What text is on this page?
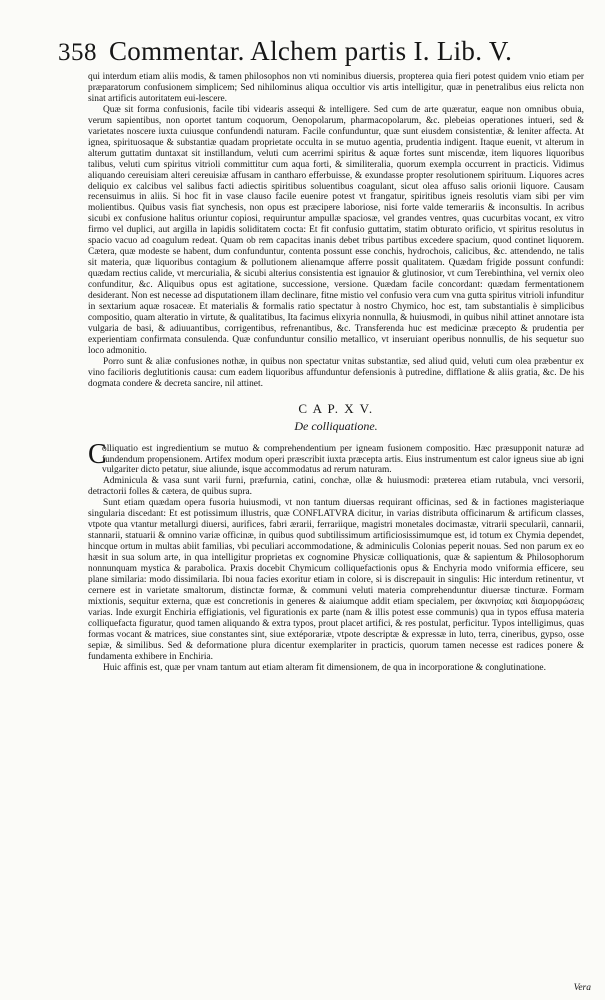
358 Commentar. Alchem partis I. Lib. V.

qui interdum etiam aliis modis, & tamen philosophos non vti nominibus diuersis, propterea quia fieri potest quidem vnio etiam per præparatorum confusionem simplicem; Sed nihilominus aliqua occultior vis artis intelligitur, quæ in penetralibus eius relicta non sinat artificis autoritatem eui-lescere.

Quæ sit forma confusionis, facile tibi videaris assequi & intelligere. Sed cum de arte quæratur, eaque non omnibus obuia, verum sapientibus, non oportet tantum coquorum, Oenopolarum, pharmacopolarum, &c. plebeias operationes intueri, sed & varietates noscere iuxta cuiusque confundendi naturam. Facile confunduntur, quæ sunt eiusdem consistentiæ, & leniter affecta. At ignea, spirituosaque & substantiæ quadam proprietate occulta in se mutuo agentia, prudentia indigent. Itaque euenit, vt alterum in alterum guttatim duntaxat sit instillandum, veluti cum acerrimi spiritus & aquæ fortes sunt miscendæ, item liquores liquoribus talibus, veluti cum spiritus vitrioli committitur cum aqua forti, & similiteralia, quorum exempla occurrent in practicis. Vidimus aliquando cereuisiam alteri cereuisiæ affusam in cantharo efferbuisse, & exundasse propter resolutionem spirituum. Liquores acres deliquio ex calcibus vel salibus facti adiectis spiritibus soluentibus coagulant, sicut olea affuso salis orionii liquore. Causam recensuimus in aliis. Si hoc fit in vase clauso facile euenire potest vt frangatur, spiritibus igneis resolutis viam sibi per vim molientibus. Quibus vasis fiat synchesis, non opus est præcipere laboriose, nisi forte valde temerariis & inconsultis. In acribus sicubi ex confusione halitus oriuntur copiosi, requiruntur ampullæ spaciosæ, vel grandes ventres, quas cucurbitas vocant, ex vitro firmo vel duplici, aut argilla in lapidis soliditatem cocta: Et fit confusio guttatim, statim obturato orificio, vt spiritus resolutus in spacio vacuo ad coagulum redeat. Quam ob rem capacitas inanis debet tribus partibus excedere spacium, quod continet liquorem. Cætera, quæ modeste se habent, dum confunduntur, contenta possunt esse conchis, hydrochois, calicibus, &c. attendendo, ne talis sit materia, quæ liquoribus contagium & pollutionem alienamque afferre possit qualitatem. Quædam frigide possunt confundi: quædam rectius calide, vt mercurialia, & sicubi alterius consistentia est ignauior & glutinosior, vt cum Terebinthina, vel vernix oleo confunditur, &c. Aliquibus opus est agitatione, successione, versione. Quædam facile concordant: quædam fermentationem desiderant. Non est necesse ad disputationem illam declinare, fitne mistio vel confusio vera cum vna gutta spiritus vitrioli infunditur in sextarium aquæ rosaceæ. Et materialis & formalis ratio spectatur à nostro Chymico, hoc est, tam substantialis è simplicibus compositio, quam alteratio in virtute, & qualitatibus, Ita facimus elixyria nonnulla, & huiusmodi, in quibus nihil attinet annotare ista vulgaria de basi, & adiuuantibus, corrigentibus, refrenantibus, &c. Transferenda huc est medicinæ præcepto & prudentia per experientiam confirmata consulenda. Quæ confunduntur consilio metallico, vt inseruiant operibus nonnullis, de his sequetur suo loco admonitio.

Porro sunt & aliæ confusiones nothæ, in quibus non spectatur vnitas substantiæ, sed aliud quid, veluti cum olea præbentur ex vino facilioris deglutitionis causa: cum eadem liquoribus affunduntur defensionis à putredine, difflatione & aliis gratia, &c. De his dogmata condere & decreta sancire, nil attinet.

C A P. X V.

De colliquatione.

C

olliquatio est ingredientium se mutuo & comprehendentium per igneam fusionem compositio. Hæc præsupponit naturæ ad fundendum propensionem. Artifex modum operi præscribit iuxta præcepta artis. Eius instrumentum est calor igneus siue ab igni vulgariter dicto petatur, siue aliunde, isque accommodatus ad rerum naturam.

Adminicula & vasa sunt varii furni, præfurnia, catini, conchæ, ollæ & huiusmodi: præterea etiam rutabula, vnci versorii, detractorii folles & cætera, de quibus supra.

Sunt etiam quædam opera fusoria huiusmodi, vt non tantum diuersas requirant officinas, sed & in factiones magisteriaque singularia discedant: Et est potissimum illustris, quæ CONFLATVRA dicitur, in varias distributa officinarum & artificum classes, vtpote qua vtantur metallurgi diuersi, aurifices, fabri ærarii, ferrariique, magistri monetales docimastæ, vitrarii speculariì, cannarii, stannarii, statuarii & omnino variæ officinæ, in quibus quod subtilissimum artificiosissimumque est, id totum ex Chymia dependet, hincque ortum in multas abiit familias, vbi peculiari accommodatione, & adminiculis Colonias peperit nouas. Sed non parum ex eo hæsit in sua solum arte, in qua intelligitur proprietas ex cognomine Physicæ colliquationis, quæ & sapientum & Philosophorum nonnunquam mystica & parabolica. Praxis docebit Chymicum colliquefactionis opus & Enchyria modo vniformia efficere, seu plane similaria: modo dissimilaria. Ibi noua facies exoritur etiam in colore, si is discrepauit in singulis: Hic interdum retinentur, vt cernere est in varietate smaltorum, distinctæ formæ, & communi veluti materia comprehenduntur diuersæ tincturæ. Formam mixtionis, sequitur externa, quæ est concretionis in generes & aiaiumque addit etiam specialem, per ἀκινησίας καὶ διαμορφώσεις varias. Inde exurgit Enchiria effigiationis, vel figurationis ex parte (nam & illis potest esse communis) qua in typos effusa materia colliquefacta figuratur, quod tamen aliquando & extra typos, prout placet artifici, & res postulat, perficitur. Typos intelligimus, quas formas vocant & matrices, siue constantes sint, siue extéporariæ, vtpote descriptæ & expressæ in luto, terra, cineribus, gypso, osse sepiæ, & similibus. Sed & deformatione plura dicentur exemplariter in practicis, quorum tamen necesse est radices ponere & fundamenta exhibere in Enchiria.

Huic affinis est, quæ per vnam tantum aut etiam alteram fit dimensionem, de qua in incorporatione & conglutinatione.

Vera
